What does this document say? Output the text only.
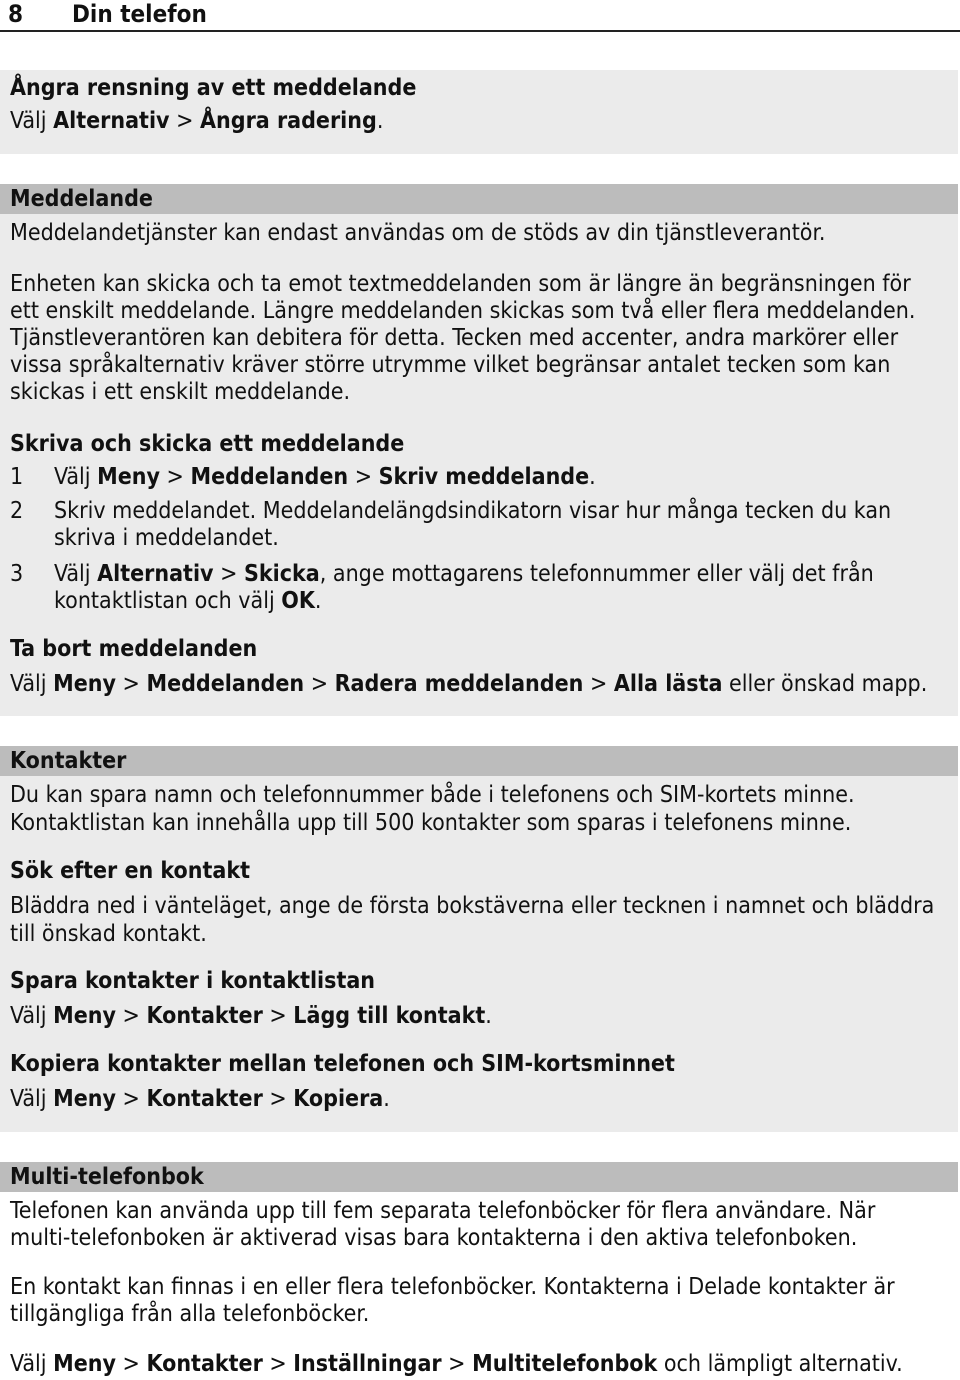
8 Din telefon
Ångra rensning av ett meddelande
Välj Alternativ > Ångra radering.
Meddelande
Meddelandetjänster kan endast användas om de stöds av din tjänstleverantör.
Enheten kan skicka och ta emot textmeddelanden som är längre än begränsningen för
ett enskilt meddelande. Längre meddelanden skickas som två eller flera meddelanden.
Tjänstleverantören kan debitera för detta. Tecken med accenter, andra markörer eller
vissa språkalternativ kräver större utrymme vilket begränsar antalet tecken som kan
skickas i ett enskilt meddelande.
Skriva och skicka ett meddelande
1 Välj Meny > Meddelanden > Skriv meddelande.
2 Skriv meddelandet. Meddelandelängdsindikatorn visar hur många tecken du kan
skriva i meddelandet.
3 Välj Alternativ > Skicka, ange mottagarens telefonnummer eller välj det från
kontaktlistan och välj OK.
Ta bort meddelanden
Välj Meny > Meddelanden > Radera meddelanden > Alla lästa eller önskad mapp.
Kontakter
Du kan spara namn och telefonnummer både i telefonens och SIM-kortets minne.
Kontaktlistan kan innehålla upp till 500 kontakter som sparas i telefonens minne.
Sök efter en kontakt
Bläddra ned i vänteläget, ange de första bokstäverna eller tecknen i namnet och bläddra
till önskad kontakt.
Spara kontakter i kontaktlistan
Välj Meny > Kontakter > Lägg till kontakt.
Kopiera kontakter mellan telefonen och SIM-kortsminnet
Välj Meny > Kontakter > Kopiera.
Multi-telefonbok
Telefonen kan använda upp till fem separata telefonböcker för flera användare. När
multi-telefonboken är aktiverad visas bara kontakterna i den aktiva telefonboken.
En kontakt kan finnas i en eller flera telefonböcker. Kontakterna i Delade kontakter är
tillgängliga från alla telefonböcker.
Välj Meny > Kontakter > Inställningar > Multitelefonbok och lämpligt alternativ.
